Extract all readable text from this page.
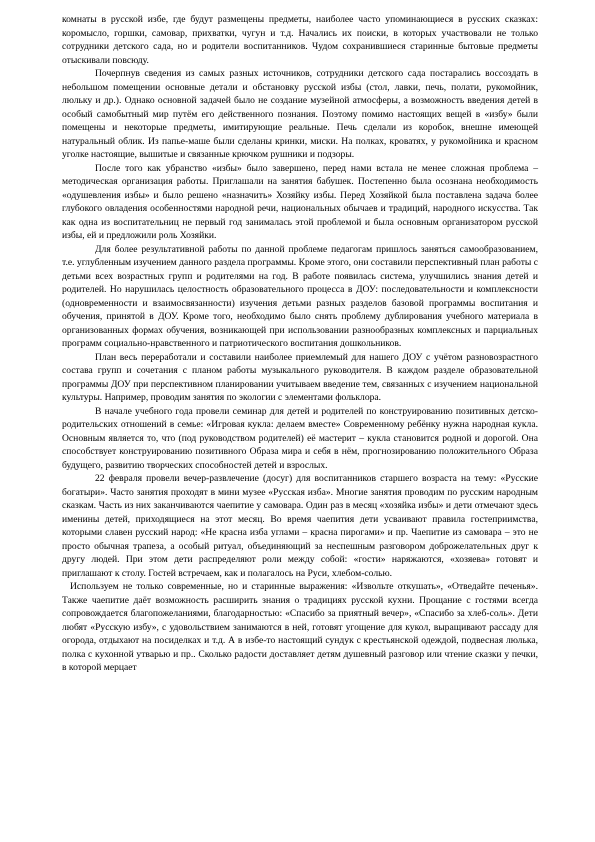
комнаты в русской избе, где будут размещены предметы, наиболее часто упоминающиеся в русских сказках: коромысло, горшки, самовар, прихватки, чугун и т.д. Начались их поиски, в которых участвовали не только сотрудники детского сада, но и родители воспитанников. Чудом сохранившиеся старинные бытовые предметы отыскивали повсюду.

Почерпнув сведения из самых разных источников, сотрудники детского сада постарались воссоздать в небольшом помещении основные детали и обстановку русской избы (стол, лавки, печь, полати, рукомойник, люльку и др.). Однако основной задачей было не создание музейной атмосферы, а возможность введения детей в особый самобытный мир путём его действенного познания. Поэтому помимо настоящих вещей в «избу» были помещены и некоторые предметы, имитирующие реальные. Печь сделали из коробок, внешне имеющей натуральный облик. Из папье-маше были сделаны кринки, миски. На полках, кроватях, у рукомойника и красном уголке настоящие, вышитые и связанные крючком рушники и подзоры.

После того как убранство «избы» было завершено, перед нами встала не менее сложная проблема – методическая организация работы. Приглашали на занятия бабушек. Постепенно была осознана необходимость «одушевления избы» и было решено «назначить» Хозяйку избы. Перед Хозяйкой была поставлена задача более глубокого овладения особенностями народной речи, национальных обычаев и традиций, народного искусства. Так как одна из воспитательниц не первый год занималась этой проблемой и была основным организатором русской избы, ей и предложили роль Хозяйки.

Для более результативной работы по данной проблеме педагогам пришлось заняться самообразованием, т.е. углубленным изучением данного раздела программы. Кроме этого, они составили перспективный план работы с детьми всех возрастных групп и родителями на год. В работе появилась система, улучшились знания детей и родителей. Но нарушилась целостность образовательного процесса в ДОУ: последовательности и комплексности (одновременности и взаимосвязанности) изучения детьми разных разделов базовой программы воспитания и обучения, принятой в ДОУ. Кроме того, необходимо было снять проблему дублирования учебного материала в организованных формах обучения, возникающей при использовании разнообразных комплексных и парциальных программ социально-нравственного и патриотического воспитания дошкольников.

План весь переработали и составили наиболее приемлемый для нашего ДОУ с учётом разновозрастного состава групп и сочетания с планом работы музыкального руководителя. В каждом разделе образовательной программы ДОУ при перспективном планировании учитываем введение тем, связанных с изучением национальной культуры. Например, проводим занятия по экологии с элементами фольклора.

В начале учебного года провели семинар для детей и родителей по конструированию позитивных детско-родительских отношений в семье: «Игровая кукла: делаем вместе» Современному ребёнку нужна народная кукла. Основным является то, что (под руководством родителей) её мастерит – кукла становится родной и дорогой. Она способствует конструированию позитивного Образа мира и себя в нём, прогнозированию положительного Образа будущего, развитию творческих способностей детей и взрослых.

22 февраля провели вечер-развлечение (досуг) для воспитанников старшего возраста на тему: «Русские богатыри». Часто занятия проходят в мини музее «Русская изба». Многие занятия проводим по русским народным сказкам. Часть из них заканчиваются чаепитие у самовара. Один раз в месяц «хозяйка избы» и дети отмечают здесь именины детей, приходящиеся на этот месяц. Во время чаепития дети усваивают правила гостеприимства, которыми славен русский народ: «Не красна изба углами – красна пирогами» и пр. Чаепитие из самовара – это не просто обычная трапеза, а особый ритуал, объединяющий за неспешным разговором доброжелательных друг к другу людей. При этом дети распределяют роли между собой: «гости» наряжаются, «хозяева» готовят и приглашают к столу. Гостей встречаем, как и полагалось на Руси, хлебом-солью.

Используем не только современные, но и старинные выражения: «Извольте откушать», «Отведайте печенья». Также чаепитие даёт возможность расширить знания о традициях русской кухни. Прощание с гостями всегда сопровождается благопожеланиями, благодарностью: «Спасибо за приятный вечер», «Спасибо за хлеб-соль». Дети любят «Русскую избу», с удовольствием занимаются в ней, готовят угощение для кукол, выращивают рассаду для огорода, отдыхают на посиделках и т.д. А в избе-то настоящий сундук с крестьянской одеждой, подвесная люлька, полка с кухонной утварью и пр.. Сколько радости доставляет детям душевный разговор или чтение сказки у печки, в которой мерцает
